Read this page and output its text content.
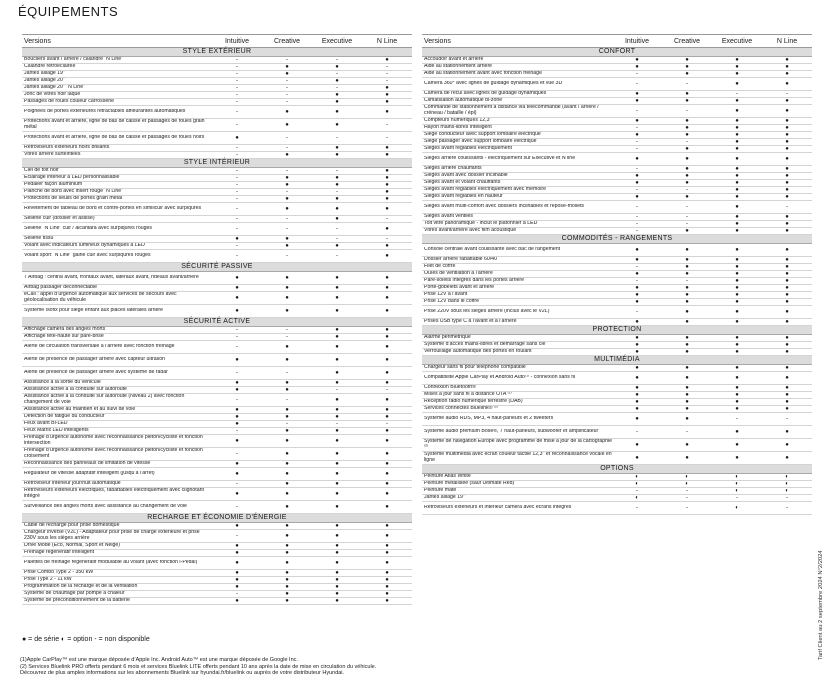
ÉQUIPEMENTS
Versions	Intuitive	Creative	Executive	N Line
STYLE EXTÉRIEUR
Boucliers avant / arrière / calandre “N Line”	-	-	-	●
Calandre rétroéclairée	-	●	●	-
Jantes alliage 19''	-	●	-	-
Jantes alliage 20''	-	-	●	-
Jantes alliage 20'' “N Line”	-	-	-	●
Jonc de vitres noir laqué	-	-	●	●
Passages de roues couleur carrosserie	-	-	●	●
Poignées de portes extérieures rétractables affleurantes automatiques	-	●	●	●
Protections avant et arrière, ligne de bas de caisse et passages de roues grain métal	-	●	●	-
Protections avant et arrière, ligne de bas de caisse et passages de roues noirs	●	-	-	-
Rétroviseurs extérieurs noirs brillants	-	-	●	●
Vitres arrière surteintées	-	●	●	●
STYLE INTÉRIEUR
Ciel de toit noir	-	-	-	●
Éclairage intérieur à LED personnalisable	-	●	●	●
Pédalier façon aluminium	-	●	●	●
Planche de bord avec insert rouge “N Line”	-	-	-	●
Protections de seuils de portes grain métal	-	●	●	●
Revêtement de tableau de bord et contre-portes en similicuir avec surpiqûres	-	●	●	●
Sellerie cuir (dossier et assise)	-	-	●	-
Sellerie “N Line” cuir / alcantara avec surpiqûres rouges	-	-	-	●
Sellerie tissu	●	●	-	-
Volant avec indicateurs lumineux dynamiques à LED	-	●	●	●
Volant sport “N Line” gainé cuir avec surpiqûres rouges	-	-	-	●
SÉCURITÉ PASSIVE
7 Airbag : central avant, frontaux avant, latéraux avant, rideaux avant/arrière	●	●	●	●
Airbag passager déconnectable	●	●	●	●
eCall : appel d’urgence automatique aux services de secours avec géolocalisation du véhicule	●	●	●	●
Système Isofix pour siège enfant aux places latérales arrière	●	●	●	●
SÉCURITÉ ACTIVE
Affichage caméra des angles morts	-	-	●	●
Affichage tête-haute sur pare-brise	-	-	●	●
Alerte de circulation transversale à l’arrière avec fonction freinage	-	●	●	●
Alerte de présence de passager arrière avec capteur ultrason	●	●	●	●
Alerte de présence de passager arrière avec système de radar	-	-	●	●
Assistance à la sortie du véhicule	●	●	●	●
Assistance active à la conduite sur autoroute	●	●	-	-
Assistance active à la conduite sur autoroute (Niveau 2) avec fonction changement de voie	-	-	●	●
Assistance active au maintien et au suivi de voie	●	●	●	●
Détection de fatigue du conducteur	●	●	●	●
Feux avant Bi-LED	●	-	-	-
Feux Matrix LED intelligents	-	●	●	●
Freinage d’urgence autonome avec reconnaissance piéton/cycliste et fonction intersection	●	●	●	●
Freinage d’urgence autonome avec reconnaissance piéton/cycliste et fonction croisement	-	●	●	●
Reconnaissance des panneaux de limitation de vitesse	●	●	●	●
Régulateur de vitesse adaptatif intelligent (jusqu’à l’arrêt)	●	●	●	●
Rétroviseur intérieur jour/nuit automatique	-	●	●	●
Rétroviseurs extérieurs électriques, rabattables électriquement avec clignotant intégré	●	●	●	●
Surveillance des angles morts avec assistance au changement de voie	-	●	●	●
RECHARGE ET ÉCONOMIE D’ÉNERGIE
Câble de recharge pour prise domestique	●	●	●	●
Chargeur inversé (V2L) - Adaptateur pour prise de charge extérieure et prise 230V sous les sièges arrière	-	●	●	●
Drive Mode (Eco, Normal, Sport et Neige)	●	●	●	●
Freinage régénératif intelligent	●	●	●	●
Palettes de freinage régénératif modulable au volant (avec fonction i-Pedal)	●	●	●	●
Prise Combo Type 2 - 350 kW	●	●	●	●
Prise Type 2 - 11 kW	●	●	●	●
Programmation de la recharge et de la ventilation	●	●	●	●
Système de chauffage par pompe à chaleur	-	●	●	●
Système de préconditionnement de la batterie	●	●	●	●
Versions	Intuitive	Creative	Executive	N Line
CONFORT
Accoudoir avant et arrière	●	●	●	●
Aide au stationnement arrière	●	●	●	●
Aide au stationnement avant avec fonction freinage	-	●	●	●
Caméra 360° avec lignes de guidage dynamiques et vue 3D	-	-	●	●
Caméra de recul avec lignes de guidage dynamiques	●	●	-	-
Climatisation automatique bi-zone	●	●	●	●
Commande de stationnement à distance via télécommande (avant / arrière / créneau / bataille / épi)	-	-	●	●
Compteurs numériques 12,3''	●	●	●	●
Hayon mains-libres intelligent	-	●	●	●
Siège conducteur avec support lombaire électrique	●	●	●	●
Siège passager avec support lombaire électrique	-	-	●	●
Sièges avant réglables électriquement	-	●	●	●
Sièges arrière coulissants - électriquement sur Executive et N line	●	●	●	●
Sièges arrière chauffants	-	●	●	●
Sièges avant avec dossier inclinable	●	●	●	●
Sièges avant et volant chauffants	●	●	●	●
Sièges avant réglables électriquement avec mémoire	-	-	●	●
Sièges avant réglables en hauteur	●	●	●	●
Sièges avant multi-confort avec dossiers inclinables et repose-mollets	-	-	●	-
Sièges avant ventilés	-	-	●	●
Toit vitré panoramique - inclut le plafonnier à LED	-	-	●	●
Vitres avant/arrière avec film acoustique	-	●	●	●
COMMODITÉS - RANGEMENTS
Console centrale avant coulissante avec bac de rangement	●	●	●	●
Dossier arrière rabattable 60/40	●	●	●	●
Filet de coffre	-	●	●	●
Ouïes de ventilation à l’arrière	●	●	●	●
Pare-soleils intégrés dans les portes arrière	-	-	●	●
Porte-gobelets avant et arrière	●	●	●	●
Prise 12V à l’avant	●	●	●	●
Prise 12V dans le coffre	●	●	●	●
Prise 220V sous les sièges arrière (inclus avec le V2L)	-	●	●	●
Prises USB type C à l’avant et à l’arrière	●	●	●	●
PROTECTION
Alarme périmétrique	●	●	●	●
Système d’accès mains-libres et démarrage sans clé	●	●	●	●
Verrouillage automatique des portes en roulant	●	●	●	●
MULTIMÉDIA
Chargeur sans fil pour téléphone compatible	●	●	●	●
Compatibilité Apple CarPlay et Android Auto⁽¹⁾ - connexion sans fil	●	●	●	●
Connexion Bluetooth®	●	●	●	●
Mises à jour sans fil à distance OTA ⁽²⁾	●	●	●	●
Réception radio numérique terrestre (DAB)	●	●	●	●
Services connectés Bluelink® ⁽²⁾	●	●	●	●
Système audio RDS, MP3, 4 haut-parleurs et 2 tweeters	●	●	-	-
Système audio premium Bose®, 7 haut-parleurs, subwoofer et amplificateur	-	-	●	●
Système de navigation Europe avec programme de mise à jour de la cartographie ⁽²⁾	●	●	●	●
Système multimédia avec écran couleur tactile 12,3'' et reconnaissance vocale en ligne	●	●	●	●
OPTIONS
Peinture Atlas White	◐	◐	◐	◐
Peinture métallisée (sauf Ultimate Red)	◐	◐	◐	◐
Peinture mate	-	-	◐	◐
Jantes alliage 19''	◐	-	-	-
Rétroviseurs extérieurs et intérieur caméra avec écrans intégrés	-	-	◐	-
● = de série ◐ = option - = non disponible
(1)Apple CarPlay™ est une marque déposée d’Apple Inc. Android Auto™ est une marque déposée de Google Inc.
(2) Services Bluelink PRO offerts pendant 6 mois et services Bluelink LITE offerts pendant 10 ans après la date de mise en circulation du véhicule.
Découvrez de plus amples informations sur les abonnements Bluelink sur hyundai.fr/bluelink ou auprès de votre distributeur Hyundai.
Tarif Client au 2 septembre 2024 N°2/2024
